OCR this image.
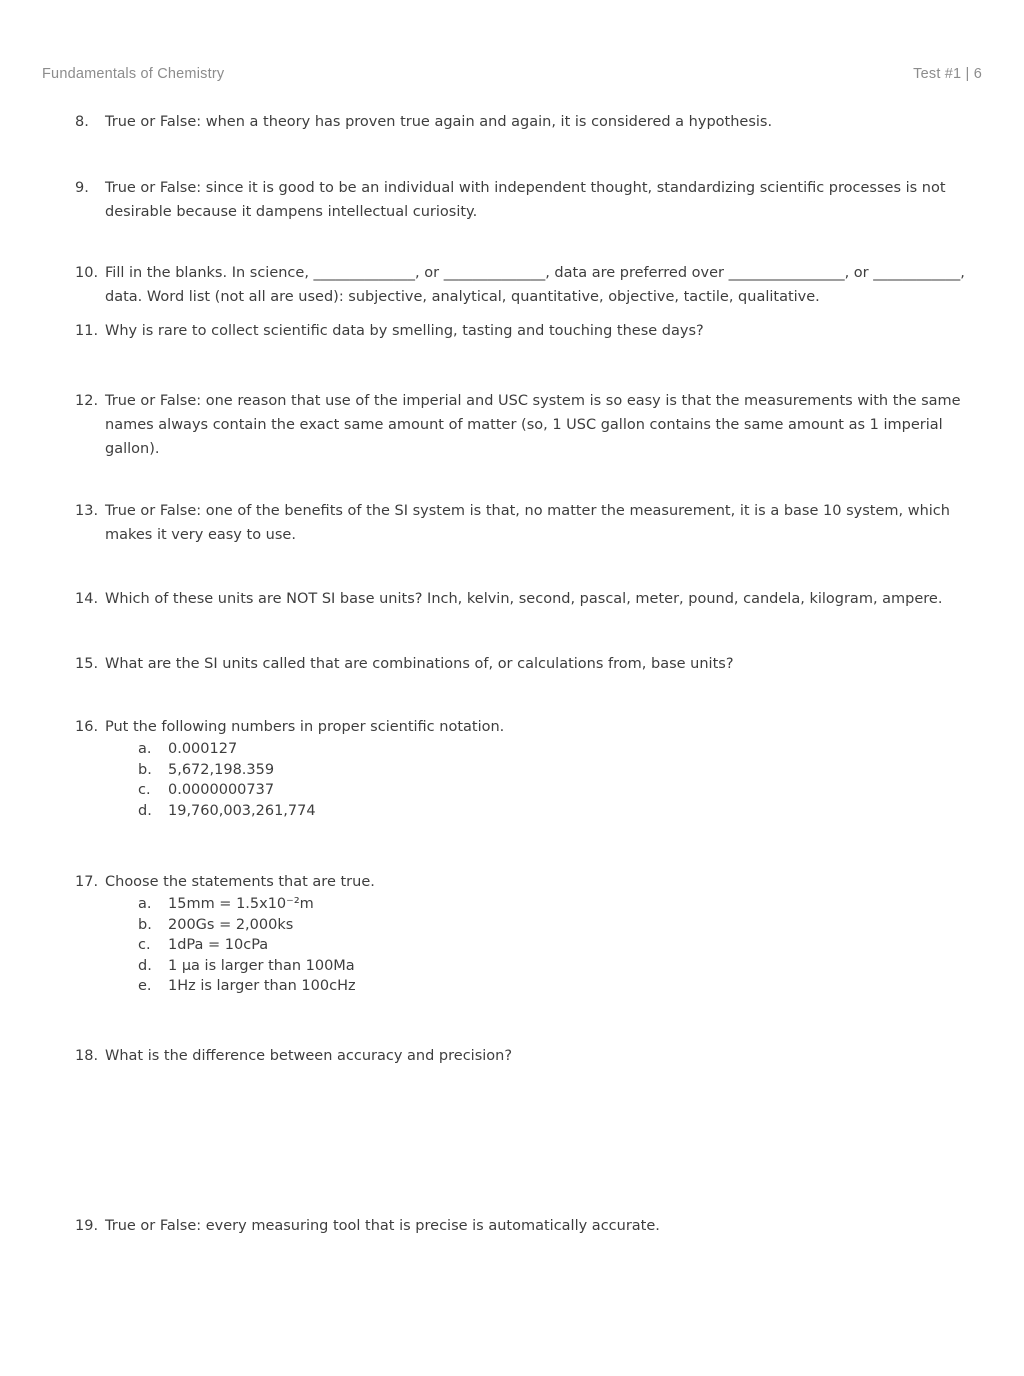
Fundamentals of Chemistry	Test #1 | 6
8.	True or False: when a theory has proven true again and again, it is considered a hypothesis.
9.	True or False: since it is good to be an individual with independent thought, standardizing scientific processes is not desirable because it dampens intellectual curiosity.
10. Fill in the blanks. In science, ______________, or ______________, data are preferred over ________________, or ____________, data. Word list (not all are used): subjective, analytical, quantitative, objective, tactile, qualitative.
11. Why is rare to collect scientific data by smelling, tasting and touching these days?
12. True or False: one reason that use of the imperial and USC system is so easy is that the measurements with the same names always contain the exact same amount of matter (so, 1 USC gallon contains the same amount as 1 imperial gallon).
13. True or False: one of the benefits of the SI system is that, no matter the measurement, it is a base 10 system, which makes it very easy to use.
14. Which of these units are NOT SI base units? Inch, kelvin, second, pascal, meter, pound, candela, kilogram, ampere.
15. What are the SI units called that are combinations of, or calculations from, base units?
16. Put the following numbers in proper scientific notation.
a.	0.000127
b.	5,672,198.359
c.	0.0000000737
d.	19,760,003,261,774
17. Choose the statements that are true.
a.	15mm = 1.5x10⁻²m
b.	200Gs = 2,000ks
c.	1dPa = 10cPa
d.	1 μa is larger than 100Ma
e.	1Hz is larger than 100cHz
18. What is the difference between accuracy and precision?
19. True or False: every measuring tool that is precise is automatically accurate.
